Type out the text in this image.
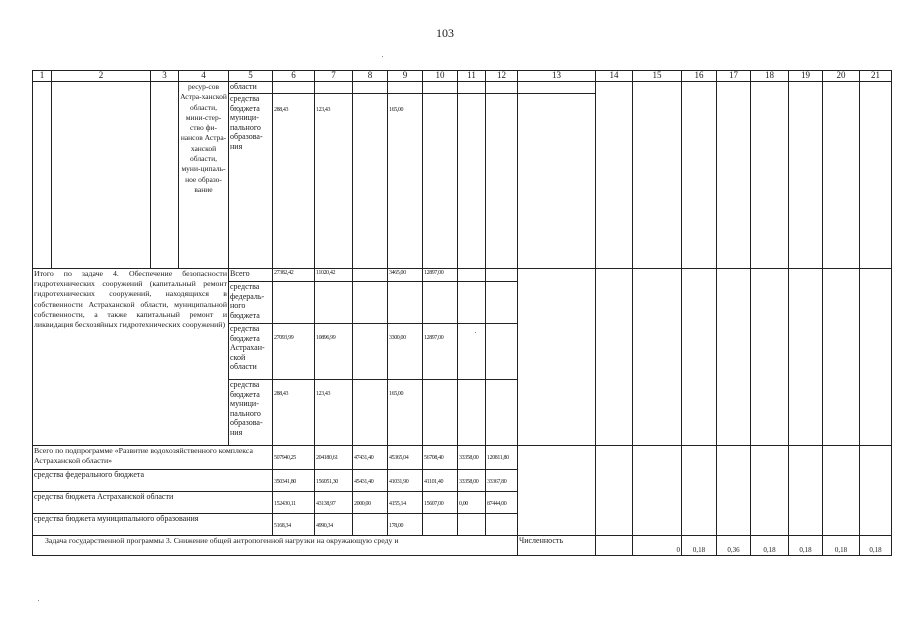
103
1	2	3	4	5	6	7	8	9	10	11	12	13	14	15	16	17	18	19	20	21
			ресур-сов Астра-ханской области, мини-стер-ство фи-нансов Астра-ханской области, муни-ципаль-ное образо-вание	области																
				средства бюджета муници-пального образова-ния	288,43	123,43		165,00												
Итого по задаче 4. Обеспечение безопасности гидротехнических сооружений (капитальный ремонт гидротехнических сооружений, находящихся в собственности Астраханской области, муниципальной собственности, а также капитальный ремонт и ликвидация бесхозяйных гидротехнических сооружений)				Всего	27382,42	11020,42		3465,00	12897,00											
				средства федераль-ного бюджета																
				средства бюджета Астрахан-ской области	27093,99	10896,99		3300,00	12897,00											
				средства бюджета муници-пального образова-ния	288,43	123,43		165,00												
Всего по подпрограмме «Развитие водохозяйственного комплекса Астраханской области»					507940,25	204180,61	47431,40	45365,04	56708,40	33358,00	120811,80									
средства федерального бюджета					350341,80	156051,30	45431,40	41031,90	41101,40	33358,00	33367,80									
средства бюджета Астраханской области					152430,11	43138,97	2000,00	4155,14	15607,00	0,00	87444,00									
средства бюджета муниципального образования					5168,34	4990,34		178,00												
Задача государственной программы 3. Снижение общей антропогенной нагрузки на окружающую среду и												Численность		0	0,18	0,36	0,18	0,18	0,18	0,18
